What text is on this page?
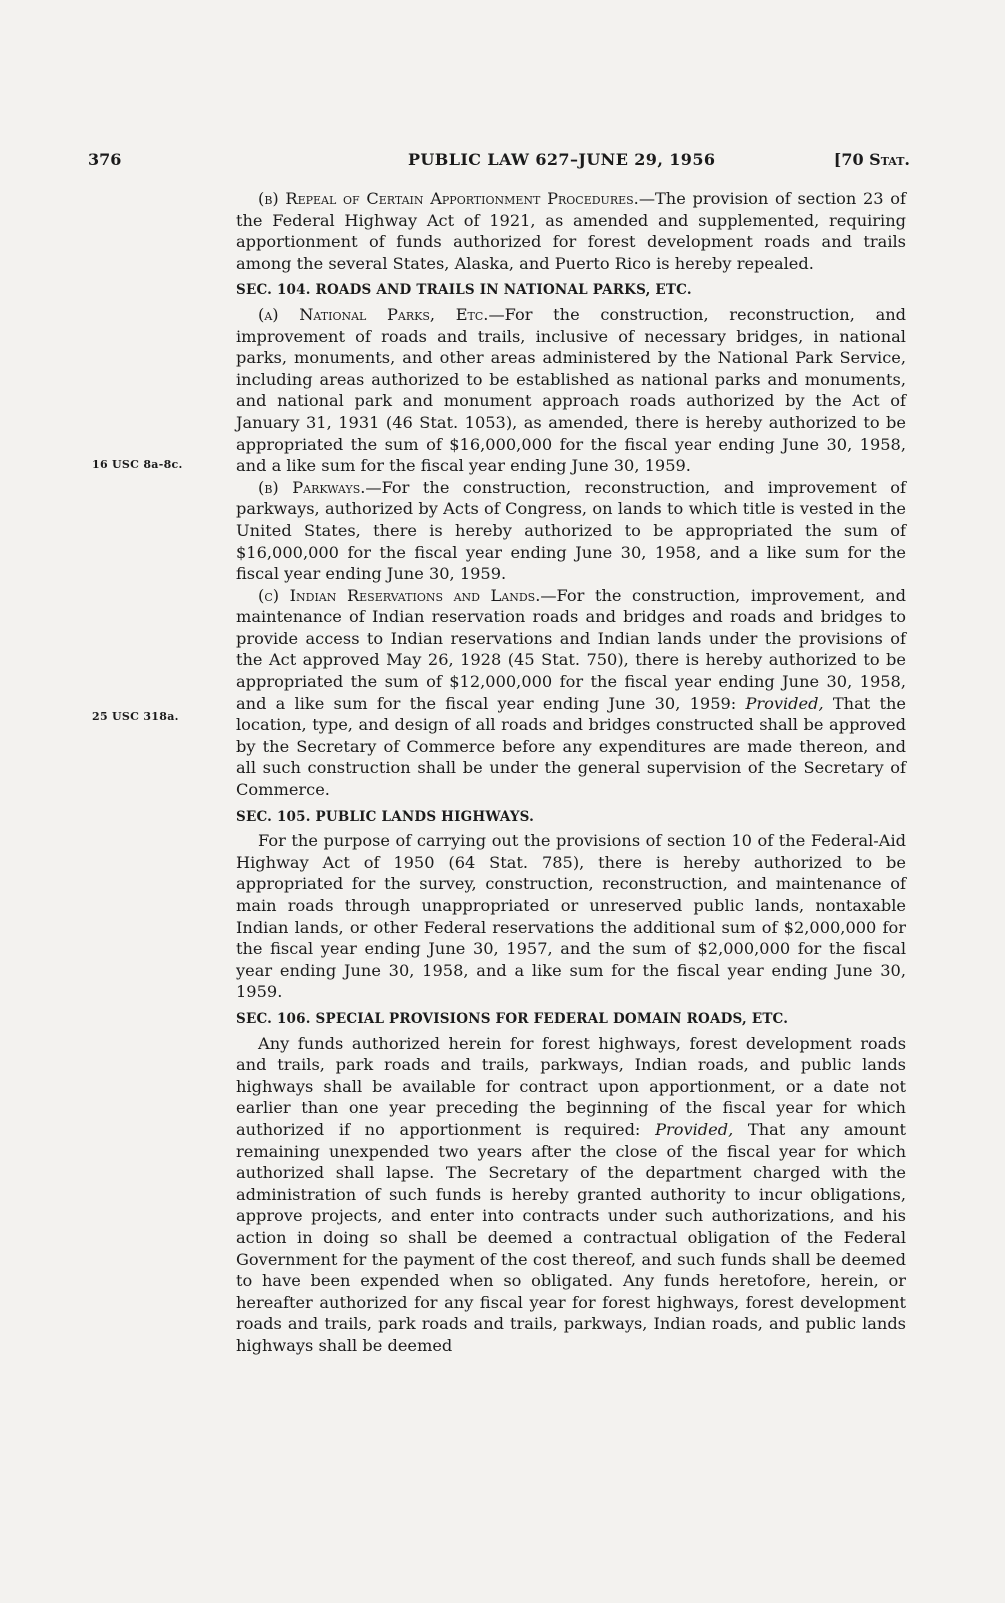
376	PUBLIC LAW 627–JUNE 29, 1956	[70 Stat.
16 USC 8a-8c.
25 USC 318a.

(b) Repeal of Certain Apportionment Procedures.—The provision of section 23 of the Federal Highway Act of 1921, as amended and supplemented, requiring apportionment of funds authorized for forest development roads and trails among the several States, Alaska, and Puerto Rico is hereby repealed.

SEC. 104. ROADS AND TRAILS IN NATIONAL PARKS, ETC.

(a) National Parks, Etc.—For the construction, reconstruction, and improvement of roads and trails, inclusive of necessary bridges, in national parks, monuments, and other areas administered by the National Park Service, including areas authorized to be established as national parks and monuments, and national park and monument approach roads authorized by the Act of January 31, 1931 (46 Stat. 1053), as amended, there is hereby authorized to be appropriated the sum of $16,000,000 for the fiscal year ending June 30, 1958, and a like sum for the fiscal year ending June 30, 1959.

(b) Parkways.—For the construction, reconstruction, and improvement of parkways, authorized by Acts of Congress, on lands to which title is vested in the United States, there is hereby authorized to be appropriated the sum of $16,000,000 for the fiscal year ending June 30, 1958, and a like sum for the fiscal year ending June 30, 1959.

(c) Indian Reservations and Lands.—For the construction, improvement, and maintenance of Indian reservation roads and bridges and roads and bridges to provide access to Indian reservations and Indian lands under the provisions of the Act approved May 26, 1928 (45 Stat. 750), there is hereby authorized to be appropriated the sum of $12,000,000 for the fiscal year ending June 30, 1958, and a like sum for the fiscal year ending June 30, 1959: Provided, That the location, type, and design of all roads and bridges constructed shall be approved by the Secretary of Commerce before any expenditures are made thereon, and all such construction shall be under the general supervision of the Secretary of Commerce.

SEC. 105. PUBLIC LANDS HIGHWAYS.

For the purpose of carrying out the provisions of section 10 of the Federal-Aid Highway Act of 1950 (64 Stat. 785), there is hereby authorized to be appropriated for the survey, construction, reconstruction, and maintenance of main roads through unappropriated or unreserved public lands, nontaxable Indian lands, or other Federal reservations the additional sum of $2,000,000 for the fiscal year ending June 30, 1957, and the sum of $2,000,000 for the fiscal year ending June 30, 1958, and a like sum for the fiscal year ending June 30, 1959.

SEC. 106. SPECIAL PROVISIONS FOR FEDERAL DOMAIN ROADS, ETC.

Any funds authorized herein for forest highways, forest development roads and trails, park roads and trails, parkways, Indian roads, and public lands highways shall be available for contract upon apportionment, or a date not earlier than one year preceding the beginning of the fiscal year for which authorized if no apportionment is required: Provided, That any amount remaining unexpended two years after the close of the fiscal year for which authorized shall lapse. The Secretary of the department charged with the administration of such funds is hereby granted authority to incur obligations, approve projects, and enter into contracts under such authorizations, and his action in doing so shall be deemed a contractual obligation of the Federal Government for the payment of the cost thereof, and such funds shall be deemed to have been expended when so obligated. Any funds heretofore, herein, or hereafter authorized for any fiscal year for forest highways, forest development roads and trails, park roads and trails, parkways, Indian roads, and public lands highways shall be deemed
